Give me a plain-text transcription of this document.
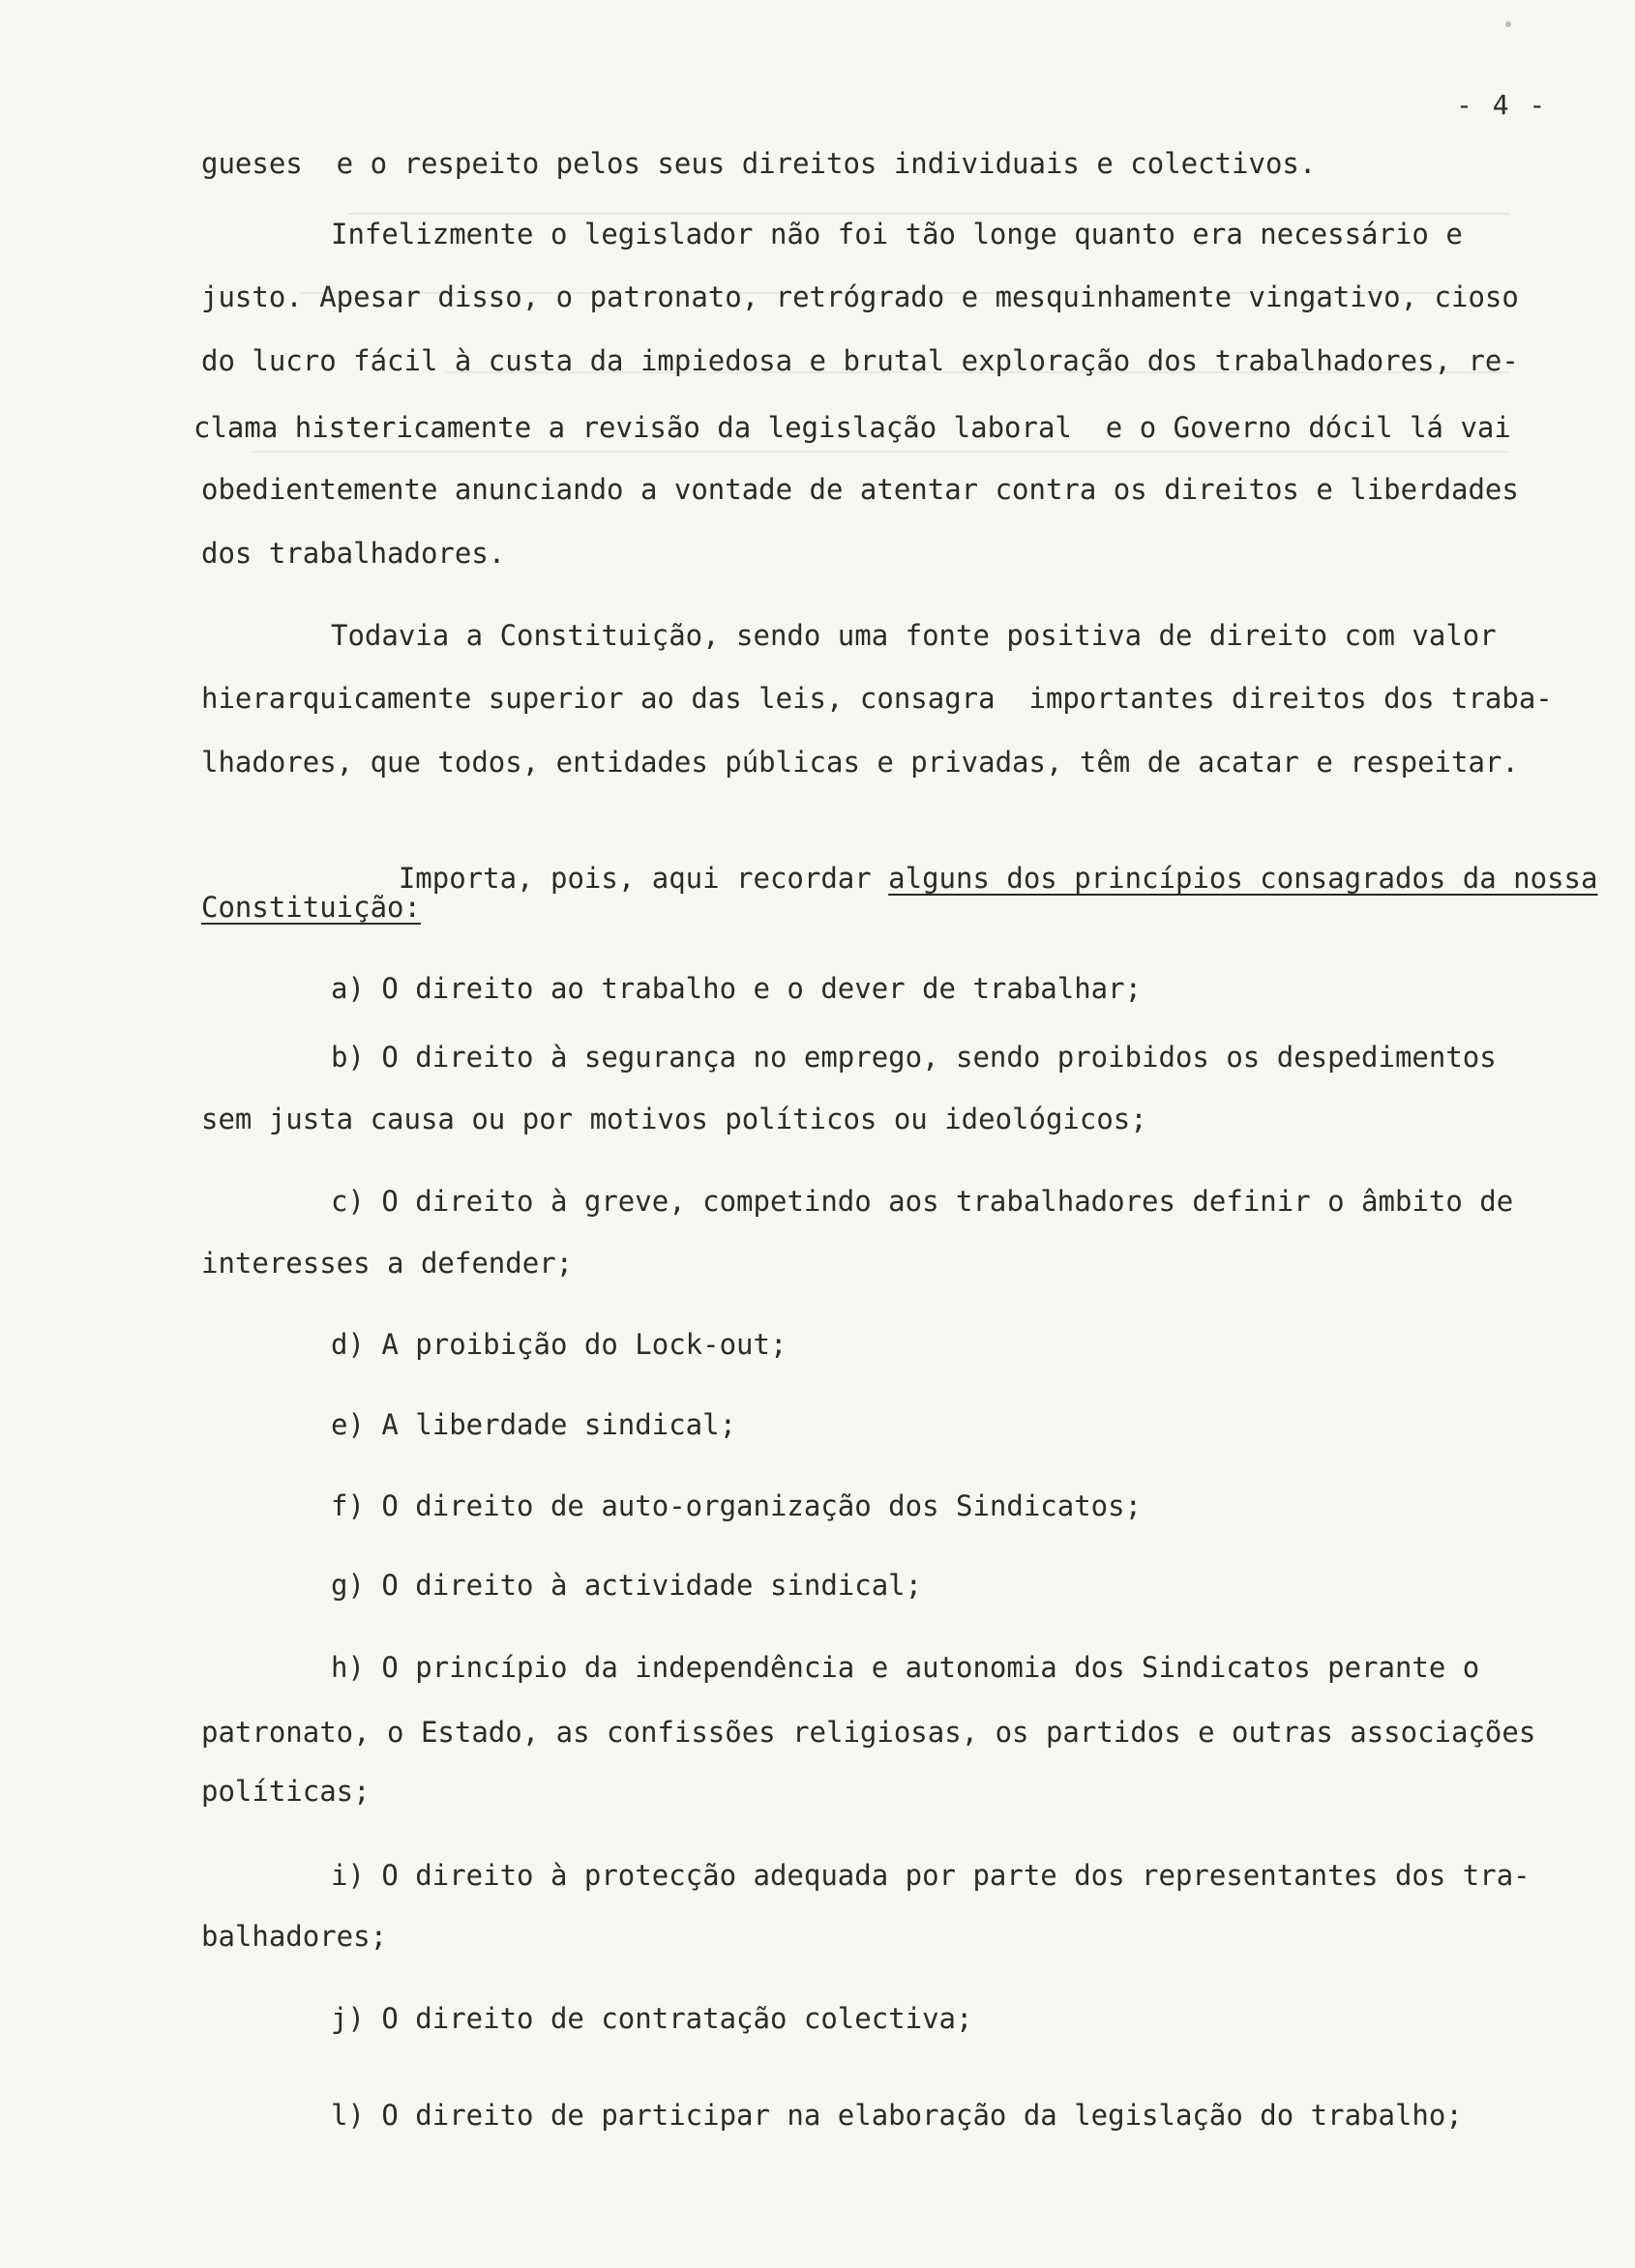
- 4 -
gueses  e o respeito pelos seus direitos individuais e colectivos.
Infelizmente o legislador não foi tão longe quanto era necessário e
justo. Apesar disso, o patronato, retrógrado e mesquinhamente vingativo, cioso
do lucro fácil à custa da impiedosa e brutal exploração dos trabalhadores, re-
clama histericamente a revisão da legislação laboral  e o Governo dócil lá vai
obedientemente anunciando a vontade de atentar contra os direitos e liberdades
dos trabalhadores.
Todavia a Constituição, sendo uma fonte positiva de direito com valor
hierarquicamente superior ao das leis, consagra  importantes direitos dos traba-
lhadores, que todos, entidades públicas e privadas, têm de acatar e respeitar.

Importa, pois, aqui recordar alguns dos princípios consagrados da nossa

Constituição:
a) O direito ao trabalho e o dever de trabalhar;
b) O direito à segurança no emprego, sendo proibidos os despedimentos
sem justa causa ou por motivos políticos ou ideológicos;
c) O direito à greve, competindo aos trabalhadores definir o âmbito de
interesses a defender;
d) A proibição do Lock-out;
e) A liberdade sindical;
f) O direito de auto-organização dos Sindicatos;
g) O direito à actividade sindical;
h) O princípio da independência e autonomia dos Sindicatos perante o
patronato, o Estado, as confissões religiosas, os partidos e outras associações
políticas;
i) O direito à protecção adequada por parte dos representantes dos tra-
balhadores;
j) O direito de contratação colectiva;
l) O direito de participar na elaboração da legislação do trabalho;
